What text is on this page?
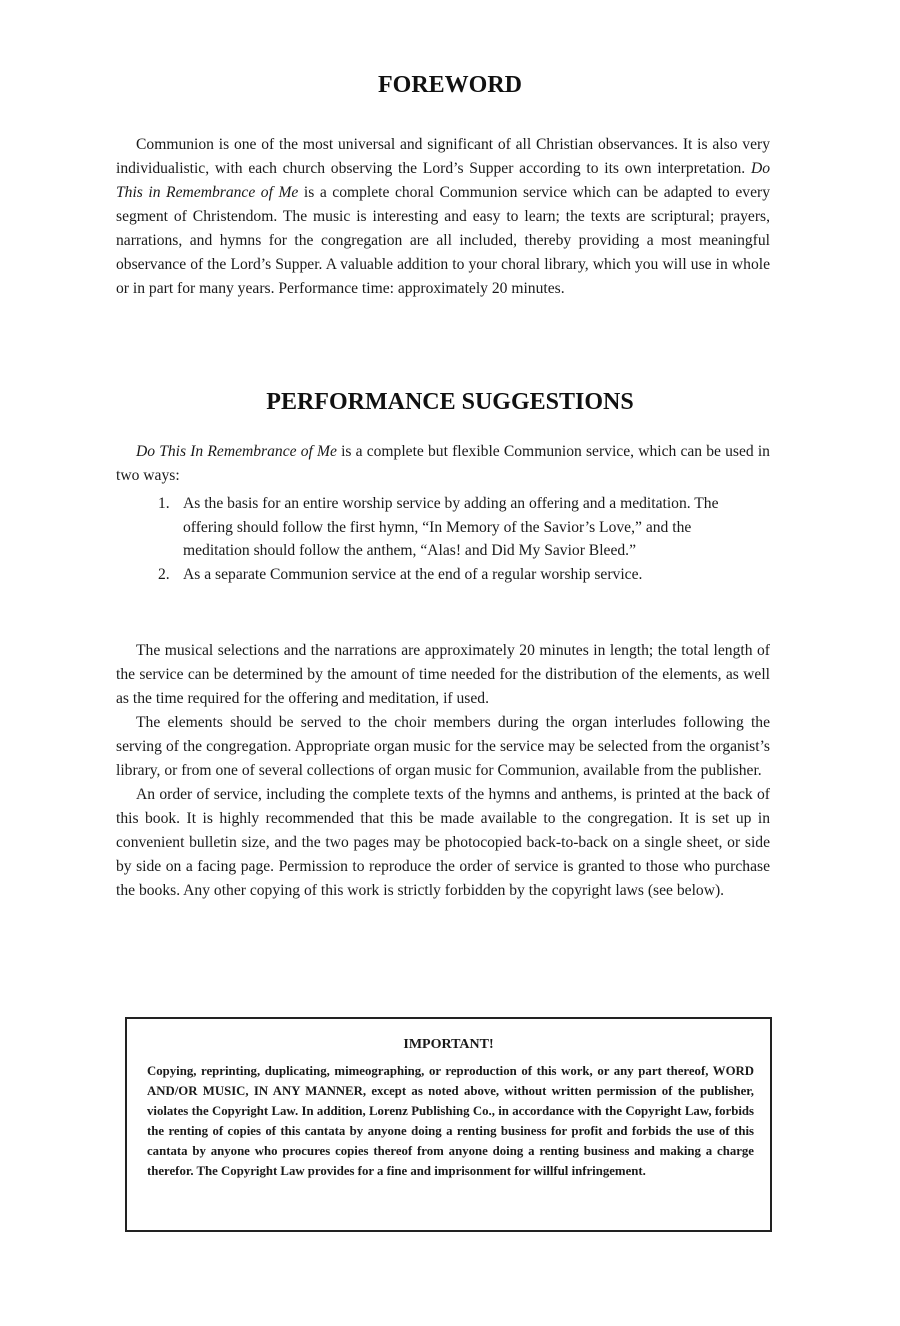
FOREWORD

Communion is one of the most universal and significant of all Christian observances. It is also very individualistic, with each church observing the Lord’s Supper according to its own interpretation. Do This in Remembrance of Me is a complete choral Communion service which can be adapted to every segment of Christendom. The music is interesting and easy to learn; the texts are scriptural; prayers, narrations, and hymns for the congregation are all included, thereby providing a most meaningful observance of the Lord’s Supper. A valuable addition to your choral library, which you will use in whole or in part for many years. Performance time: approximately 20 minutes.

PERFORMANCE SUGGESTIONS

Do This In Remembrance of Me is a complete but flexible Communion service, which can be used in two ways:

1. As the basis for an entire worship service by adding an offering and a meditation. The offering should follow the first hymn, “In Memory of the Savior’s Love,” and the meditation should follow the anthem, “Alas! and Did My Savior Bleed.”
2. As a separate Communion service at the end of a regular worship service.

The musical selections and the narrations are approximately 20 minutes in length; the total length of the service can be determined by the amount of time needed for the distribution of the elements, as well as the time required for the offering and meditation, if used.

The elements should be served to the choir members during the organ interludes following the serving of the congregation. Appropriate organ music for the service may be selected from the organist’s library, or from one of several collections of organ music for Communion, available from the publisher.

An order of service, including the complete texts of the hymns and anthems, is printed at the back of this book. It is highly recommended that this be made available to the congregation. It is set up in convenient bulletin size, and the two pages may be photocopied back-to-back on a single sheet, or side by side on a facing page. Permission to reproduce the order of service is granted to those who purchase the books. Any other copying of this work is strictly forbidden by the copyright laws (see below).

IMPORTANT!

Copying, reprinting, duplicating, mimeographing, or reproduction of this work, or any part thereof, WORD AND/OR MUSIC, IN ANY MANNER, except as noted above, without written permission of the publisher, violates the Copyright Law. In addition, Lorenz Publishing Co., in accordance with the Copyright Law, forbids the renting of copies of this cantata by anyone doing a renting business for profit and forbids the use of this cantata by anyone who procures copies thereof from anyone doing a renting business and making a charge therefor. The Copyright Law provides for a fine and imprisonment for willful infringement.
